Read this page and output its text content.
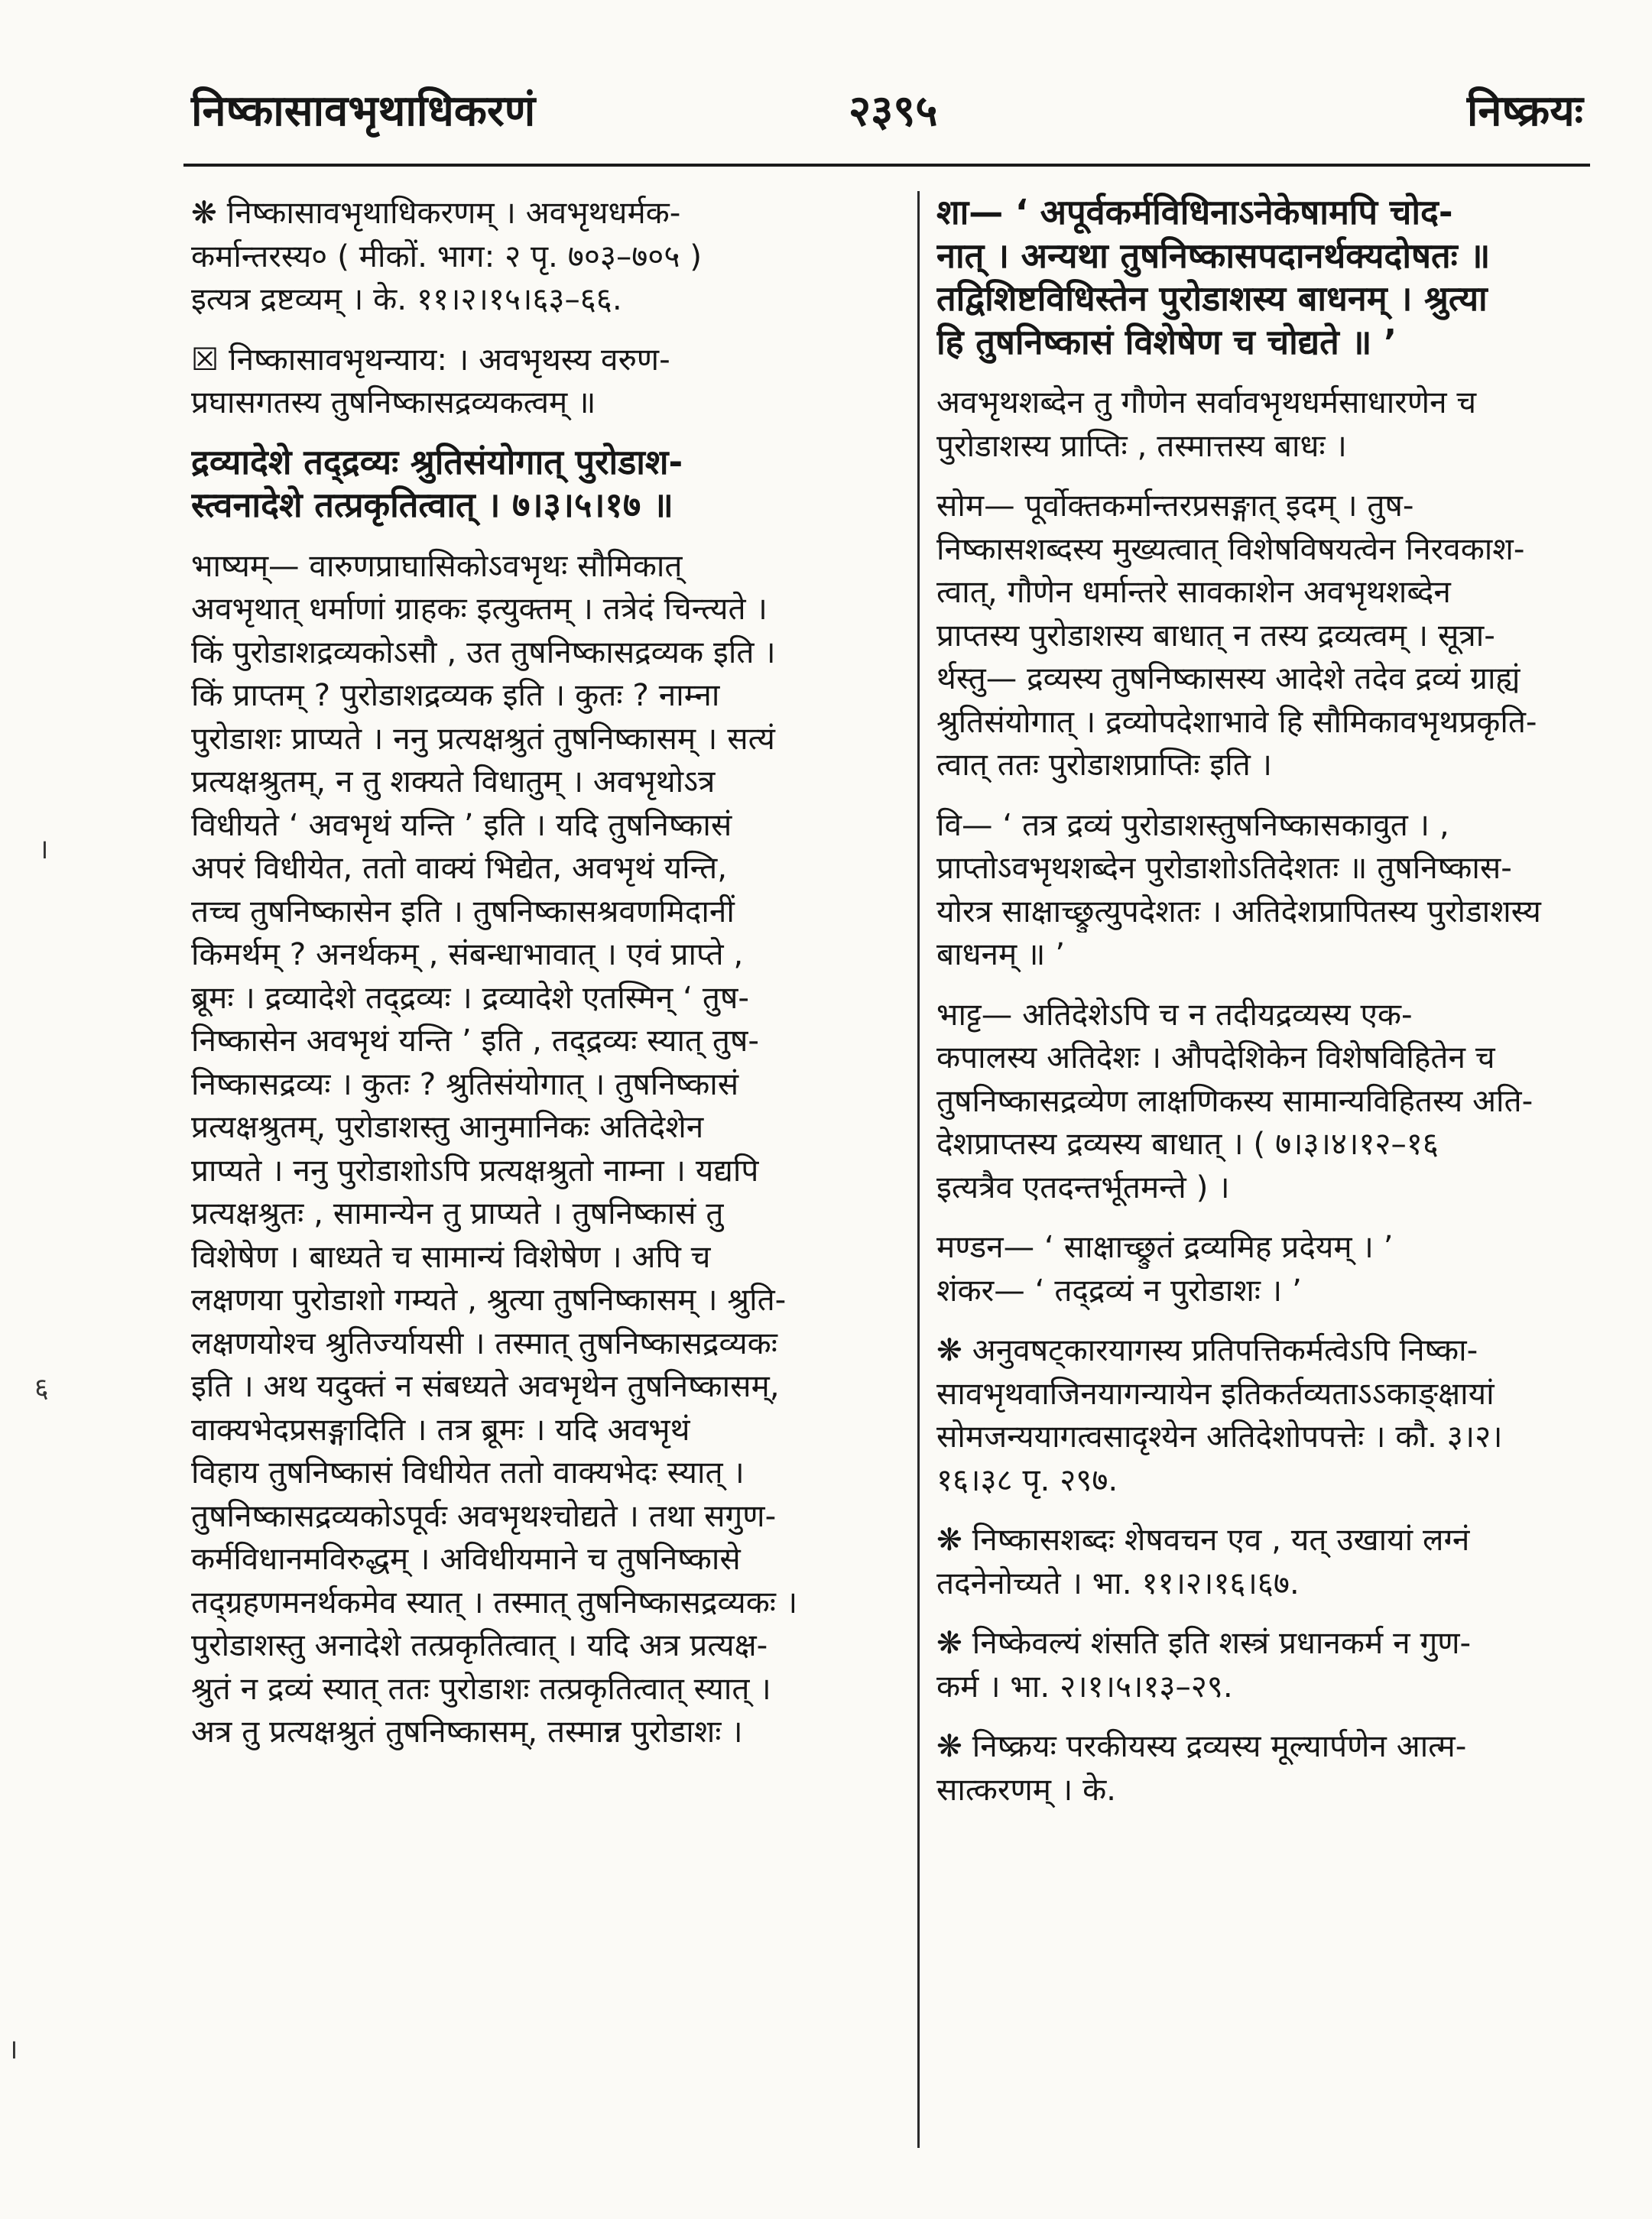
निष्कासावभृथाधिकरणं	२३९५	निष्क्रयः
।
६
।
❋ निष्कासावभृथाधिकरणम् । अवभृथधर्मक-
कर्मान्तरस्य० ( मीकों. भाग: २ पृ. ७०३–७०५ )
इत्यत्र द्रष्टव्यम् । के. ११।२।१५।६३–६६.
☒ निष्कासावभृथन्याय: । अवभृथस्य वरुण-
प्रघासगतस्य तुषनिष्कासद्रव्यकत्वम् ॥
द्रव्यादेशे तद्द्रव्यः श्रुतिसंयोगात् पुरोडाश-
स्त्वनादेशे तत्प्रकृतित्वात् । ७।३।५।१७ ॥
भाष्यम्— वारुणप्राघासिकोऽवभृथः सौमिकात्
अवभृथात् धर्माणां ग्राहकः इत्युक्तम् । तत्रेदं चिन्त्यते ।
किं पुरोडाशद्रव्यकोऽसौ , उत तुषनिष्कासद्रव्यक इति ।
किं प्राप्तम् ? पुरोडाशद्रव्यक इति । कुतः ? नाम्ना
पुरोडाशः प्राप्यते । ननु प्रत्यक्षश्रुतं तुषनिष्कासम् । सत्यं
प्रत्यक्षश्रुतम्, न तु शक्यते विधातुम् । अवभृथोऽत्र
विधीयते ‘ अवभृथं यन्ति ’ इति । यदि तुषनिष्कासं
अपरं विधीयेत, ततो वाक्यं भिद्येत, अवभृथं यन्ति,
तच्च तुषनिष्कासेन इति । तुषनिष्कासश्रवणमिदानीं
किमर्थम् ? अनर्थकम् , संबन्धाभावात् । एवं प्राप्ते ,
ब्रूमः । द्रव्यादेशे तद्द्रव्यः । द्रव्यादेशे एतस्मिन् ‘ तुष-
निष्कासेन अवभृथं यन्ति ’ इति , तद्द्रव्यः स्यात् तुष-
निष्कासद्रव्यः । कुतः ? श्रुतिसंयोगात् । तुषनिष्कासं
प्रत्यक्षश्रुतम्, पुरोडाशस्तु आनुमानिकः अतिदेशेन
प्राप्यते । ननु पुरोडाशोऽपि प्रत्यक्षश्रुतो नाम्ना । यद्यपि
प्रत्यक्षश्रुतः , सामान्येन तु प्राप्यते । तुषनिष्कासं तु
विशेषेण । बाध्यते च सामान्यं विशेषेण । अपि च
लक्षणया पुरोडाशो गम्यते , श्रुत्या तुषनिष्कासम् । श्रुति-
लक्षणयोश्च श्रुतिर्ज्यायसी । तस्मात् तुषनिष्कासद्रव्यकः
इति । अथ यदुक्तं न संबध्यते अवभृथेन तुषनिष्कासम्,
वाक्यभेदप्रसङ्गादिति । तत्र ब्रूमः । यदि अवभृथं
विहाय तुषनिष्कासं विधीयेत ततो वाक्यभेदः स्यात् ।
तुषनिष्कासद्रव्यकोऽपूर्वः अवभृथश्चोद्यते । तथा सगुण-
कर्मविधानमविरुद्धम् । अविधीयमाने च तुषनिष्कासे
तद्ग्रहणमनर्थकमेव स्यात् । तस्मात् तुषनिष्कासद्रव्यकः ।
पुरोडाशस्तु अनादेशे तत्प्रकृतित्वात् । यदि अत्र प्रत्यक्ष-
श्रुतं न द्रव्यं स्यात् ततः पुरोडाशः तत्प्रकृतित्वात् स्यात् ।
अत्र तु प्रत्यक्षश्रुतं तुषनिष्कासम्, तस्मान्न पुरोडाशः ।
शा— ‘ अपूर्वकर्मविधिनाऽनेकेषामपि चोद-
नात् । अन्यथा तुषनिष्कासपदानर्थक्यदोषतः ॥
तद्विशिष्टविधिस्तेन पुरोडाशस्य बाधनम् । श्रुत्या
हि तुषनिष्कासं विशेषेण च चोद्यते ॥ ’
अवभृथशब्देन तु गौणेन सर्वावभृथधर्मसाधारणेन च
पुरोडाशस्य प्राप्तिः , तस्मात्तस्य बाधः ।
सोम— पूर्वोक्तकर्मान्तरप्रसङ्गात् इदम् । तुष-
निष्कासशब्दस्य मुख्यत्वात् विशेषविषयत्वेन निरवकाश-
त्वात्, गौणेन धर्मान्तरे सावकाशेन अवभृथशब्देन
प्राप्तस्य पुरोडाशस्य बाधात् न तस्य द्रव्यत्वम् । सूत्रा-
र्थस्तु— द्रव्यस्य तुषनिष्कासस्य आदेशे तदेव द्रव्यं ग्राह्यं
श्रुतिसंयोगात् । द्रव्योपदेशाभावे हि सौमिकावभृथप्रकृति-
त्वात् ततः पुरोडाशप्राप्तिः इति ।
वि— ‘ तत्र द्रव्यं पुरोडाशस्तुषनिष्कासकावुत । ,
प्राप्तोऽवभृथशब्देन पुरोडाशोऽतिदेशतः ॥ तुषनिष्कास-
योरत्र साक्षाच्छ्रुत्युपदेशतः । अतिदेशप्रापितस्य पुरोडाशस्य
बाधनम् ॥ ’
भाट्ट— अतिदेशेऽपि च न तदीयद्रव्यस्य एक-
कपालस्य अतिदेशः । औपदेशिकेन विशेषविहितेन च
तुषनिष्कासद्रव्येण लाक्षणिकस्य सामान्यविहितस्य अति-
देशप्राप्तस्य द्रव्यस्य बाधात् । ( ७।३।४।१२–१६
इत्यत्रैव एतदन्तर्भूतमन्ते ) ।
मण्डन— ‘ साक्षाच्छ्रुतं द्रव्यमिह प्रदेयम् । ’
शंकर— ‘ तद्द्रव्यं न पुरोडाशः । ’
❋ अनुवषट्कारयागस्य प्रतिपत्तिकर्मत्वेऽपि निष्का-
सावभृथवाजिनयागन्यायेन इतिकर्तव्यताऽऽकाङ्क्षायां
सोमजन्ययागत्वसादृश्येन अतिदेशोपपत्तेः । कौ. ३।२।
१६।३८ पृ. २९७.
❋ निष्कासशब्दः शेषवचन एव , यत् उखायां लग्नं
तदनेनोच्यते । भा. ११।२।१६।६७.
❋ निष्केवल्यं शंसति इति शस्त्रं प्रधानकर्म न गुण-
कर्म । भा. २।१।५।१३–२९.
❋ निष्क्रयः परकीयस्य द्रव्यस्य मूल्यार्पणेन आत्म-
सात्करणम् । के.
